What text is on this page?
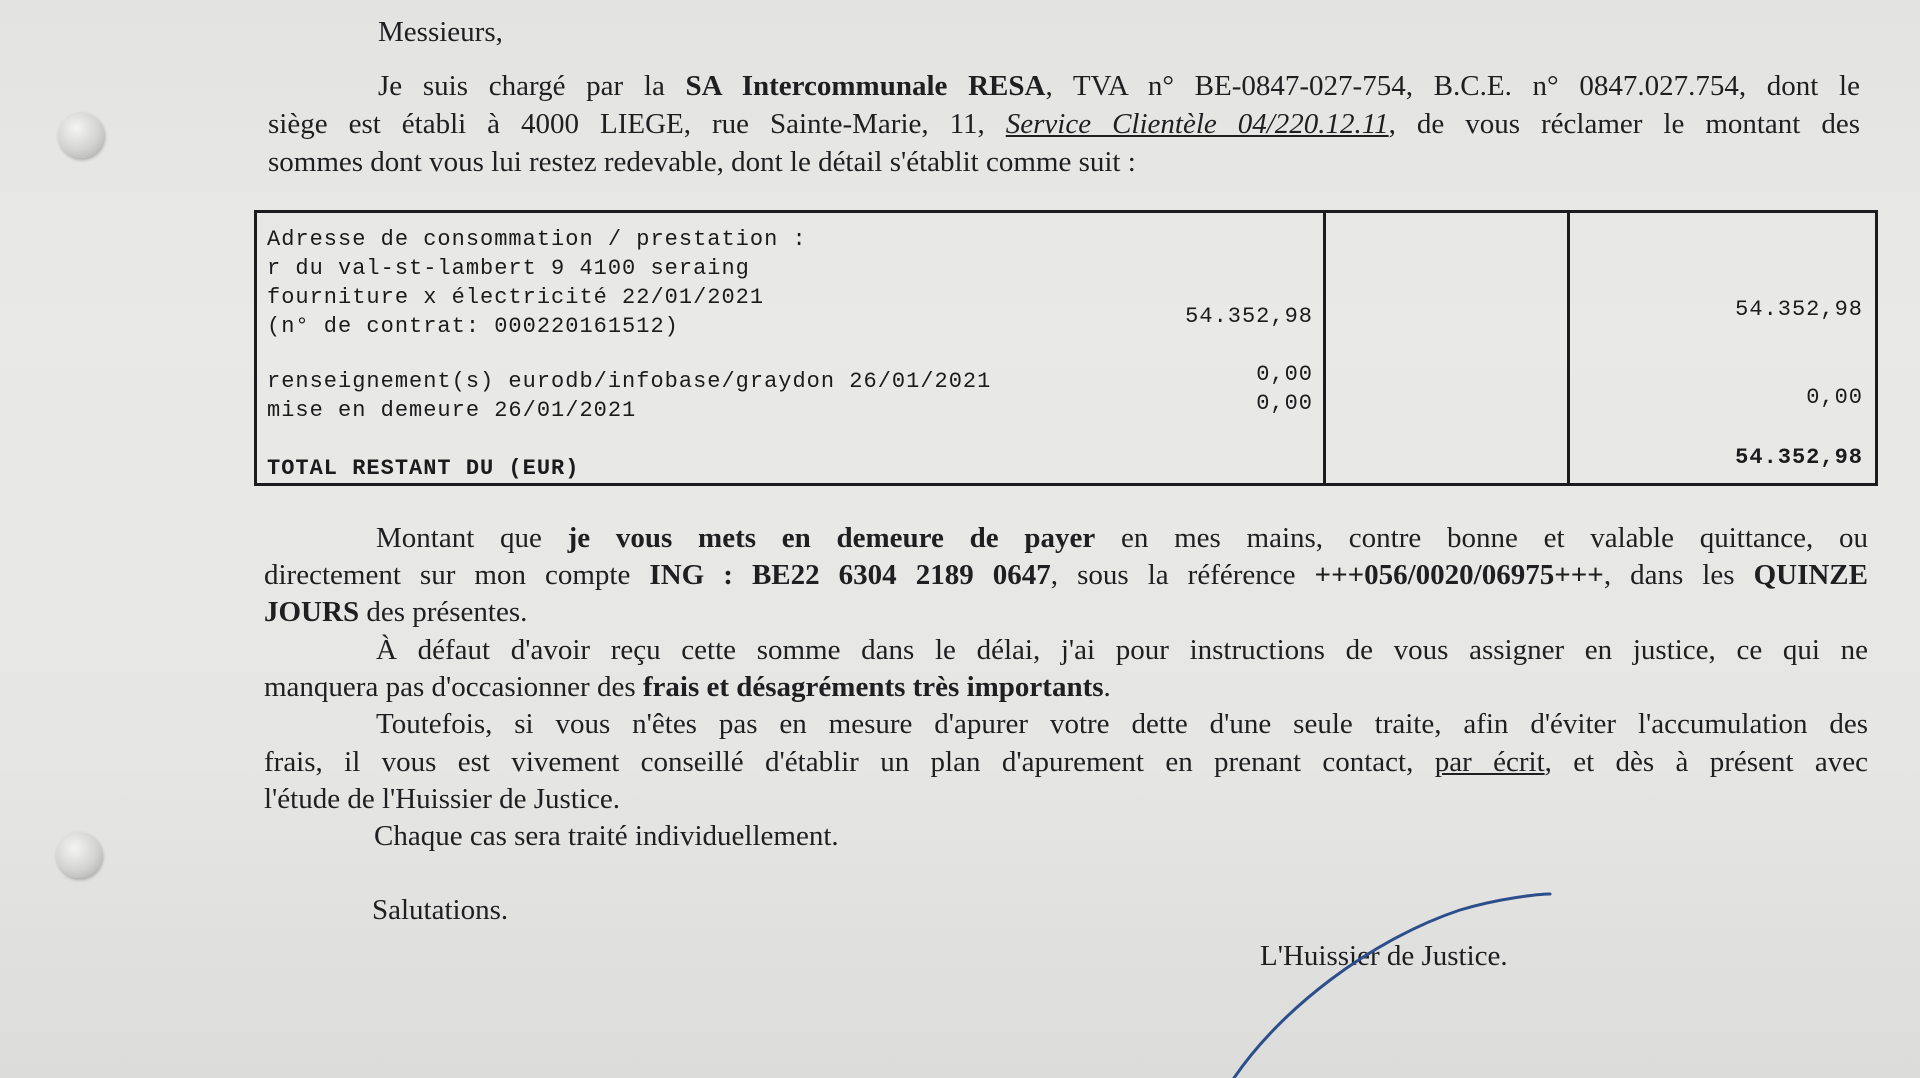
Messieurs,
Je suis chargé par la SA Intercommunale RESA, TVA n° BE-0847-027-754, B.C.E. n° 0847.027.754, dont le
siège est établi à 4000 LIEGE, rue Sainte-Marie, 11, Service Clientèle 04/220.12.11, de vous réclamer le montant des
sommes dont vous lui restez redevable, dont le détail s'établit comme suit :
Adresse de consommation / prestation :
r du val-st-lambert 9 4100 seraing
fourniture x électricité 22/01/2021
(n° de contrat: 000220161512)
renseignement(s) eurodb/infobase/graydon 26/01/2021
mise en demeure 26/01/2021
TOTAL RESTANT DU (EUR)
54.352,98
0,00
0,00
54.352,98
0,00
54.352,98
Montant que je vous mets en demeure de payer en mes mains, contre bonne et valable quittance, ou
directement sur mon compte ING : BE22 6304 2189 0647, sous la référence +++056/0020/06975+++, dans les QUINZE
JOURS des présentes.
À défaut d'avoir reçu cette somme dans le délai, j'ai pour instructions de vous assigner en justice, ce qui ne
manquera pas d'occasionner des frais et désagréments très importants.
Toutefois, si vous n'êtes pas en mesure d'apurer votre dette d'une seule traite, afin d'éviter l'accumulation des
frais, il vous est vivement conseillé d'établir un plan d'apurement en prenant contact, par écrit, et dès à présent avec
l'étude de l'Huissier de Justice.
Chaque cas sera traité individuellement.
Salutations.
L'Huissier de Justice.
